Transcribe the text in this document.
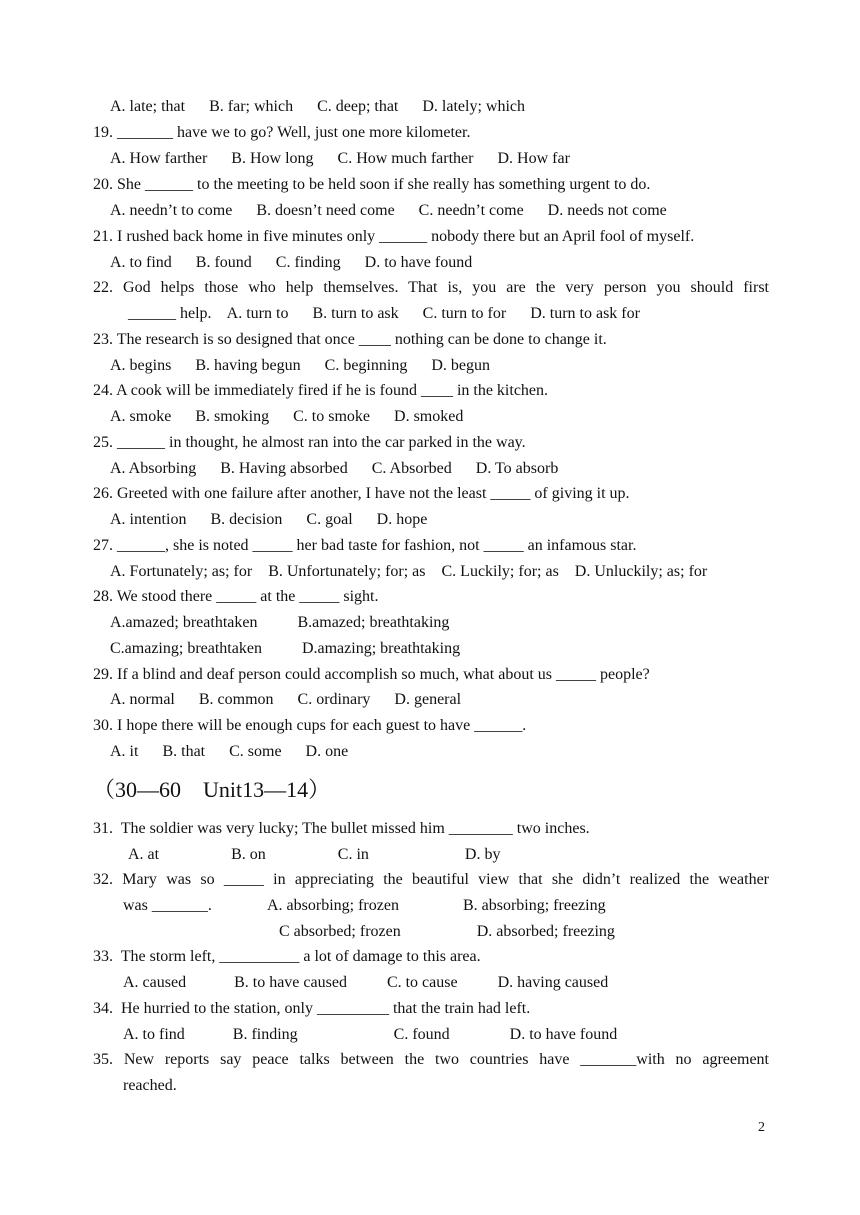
A. late; that      B. far; which      C. deep; that      D. lately; which
19. _______ have we to go? Well, just one more kilometer.
A. How farther      B. How long      C. How much farther      D. How far
20. She ______ to the meeting to be held soon if she really has something urgent to do.
A. needn’t to come      B. doesn’t need come      C. needn’t come      D. needs not come
21. I rushed back home in five minutes only ______ nobody there but an April fool of myself.
A. to find      B. found      C. finding      D. to have found
22. God helps those who help themselves. That is, you are the very person you should first
______ help.    A. turn to      B. turn to ask      C. turn to for      D. turn to ask for
23. The research is so designed that once ____ nothing can be done to change it.
A. begins      B. having begun      C. beginning      D. begun
24. A cook will be immediately fired if he is found ____ in the kitchen.
A. smoke      B. smoking      C. to smoke      D. smoked
25. ______ in thought, he almost ran into the car parked in the way.
A. Absorbing      B. Having absorbed      C. Absorbed      D. To absorb
26. Greeted with one failure after another, I have not the least _____ of giving it up.
A. intention      B. decision      C. goal      D. hope
27. ______, she is noted _____ her bad taste for fashion, not _____ an infamous star.
A. Fortunately; as; for    B. Unfortunately; for; as    C. Luckily; for; as    D. Unluckily; as; for
28. We stood there _____ at the _____ sight.
A.amazed; breathtaken          B.amazed; breathtaking
C.amazing; breathtaken          D.amazing; breathtaking
29. If a blind and deaf person could accomplish so much, what about us _____ people?
A. normal      B. common      C. ordinary      D. general
30. I hope there will be enough cups for each guest to have ______.
A. it      B. that      C. some      D. one
（30—60    Unit13—14）
31.  The soldier was very lucky; The bullet missed him ________ two inches.
A. at                  B. on                  C. in                        D. by
32. Mary was so _____ in appreciating the beautiful view that she didn’t realized the weather
was _______.              A. absorbing; frozen                B. absorbing; freezing
C absorbed; frozen                   D. absorbed; freezing
33.  The storm left, __________ a lot of damage to this area.
A. caused            B. to have caused          C. to cause          D. having caused
34.  He hurried to the station, only _________ that the train had left.
A. to find            B. finding                        C. found               D. to have found
35. New reports say peace talks between the two countries have _______with no agreement
reached.
2
